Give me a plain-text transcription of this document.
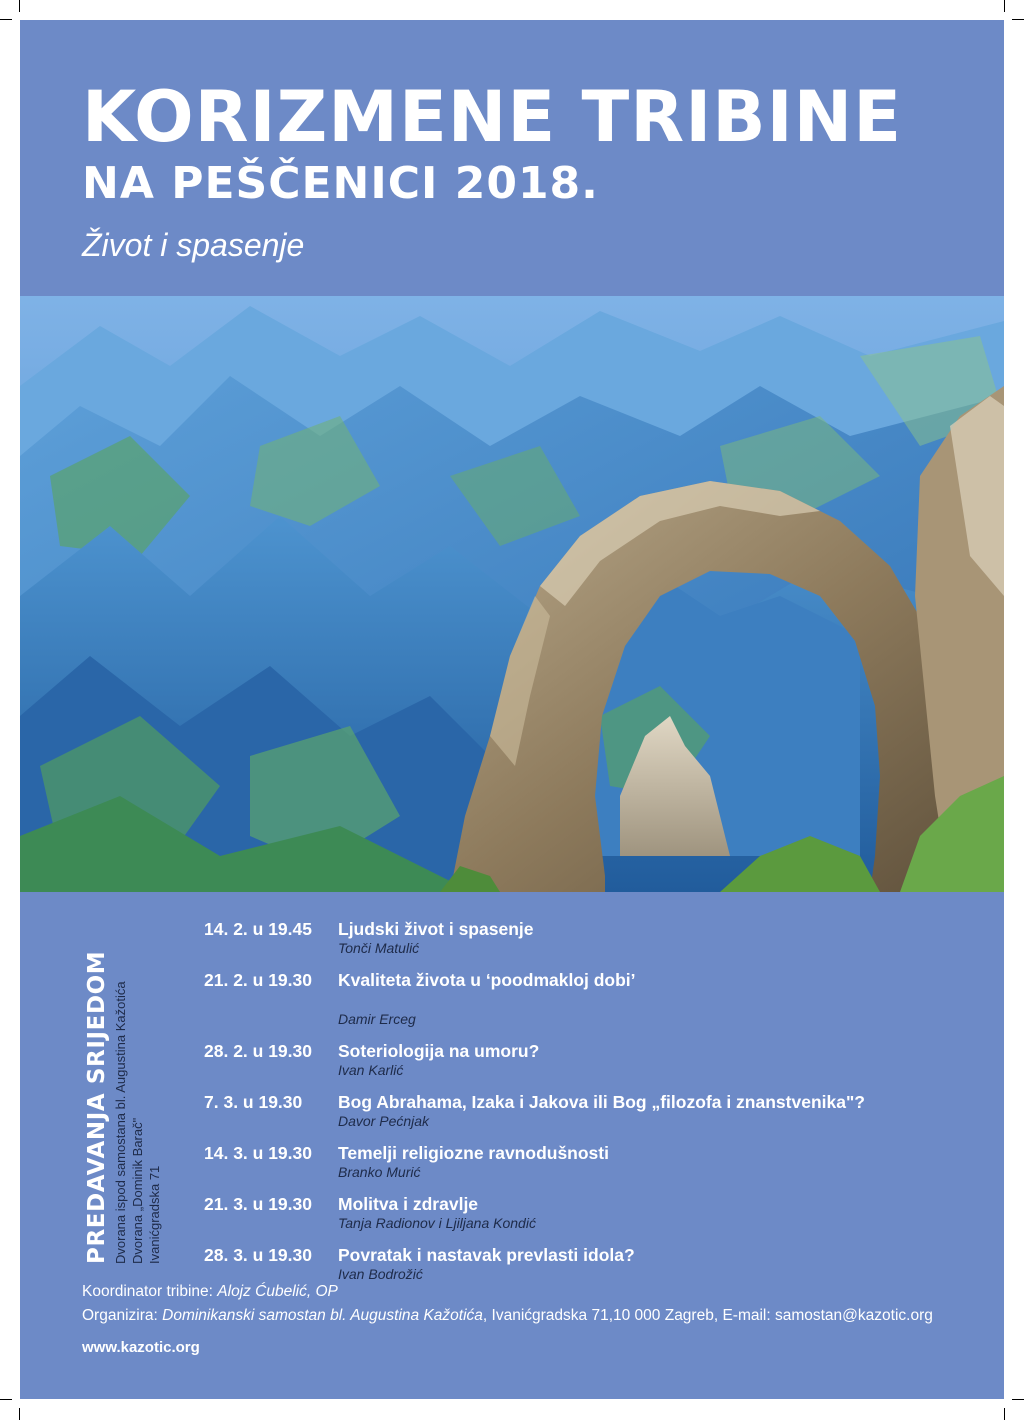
KORIZMENE TRIBINE
NA PEŠČENICI 2018.
Život i spasenje
PREDAVANJA SRIJEDOM Dvorana ispod samostana bl. Augustina Kažotića Dvorana „Dominik Barač" Ivanićgradska 71
14. 2. u 19.45	Ljudski život i spasenje
Tonči Matulić
21. 2. u 19.30	Kvaliteta života u ‘poodmakloj dobi’
Damir Erceg
28. 2. u 19.30	Soteriologija na umoru?
Ivan Karlić
7. 3. u 19.30	Bog Abrahama, Izaka i Jakova ili Bog „filozofa i znanstvenika"?
Davor Pećnjak
14. 3. u 19.30	Temelji religiozne ravnodušnosti
Branko Murić
21. 3. u 19.30	Molitva i zdravlje
Tanja Radionov i Ljiljana Kondić
28. 3. u 19.30	Povratak i nastavak prevlasti idola?
Ivan Bodrožić
Koordinator tribine: Alojz Ćubelić, OP
Organizira: Dominikanski samostan bl. Augustina Kažotića, Ivanićgradska 71,10 000 Zagreb, E-mail: samostan@kazotic.org
www.kazotic.org
